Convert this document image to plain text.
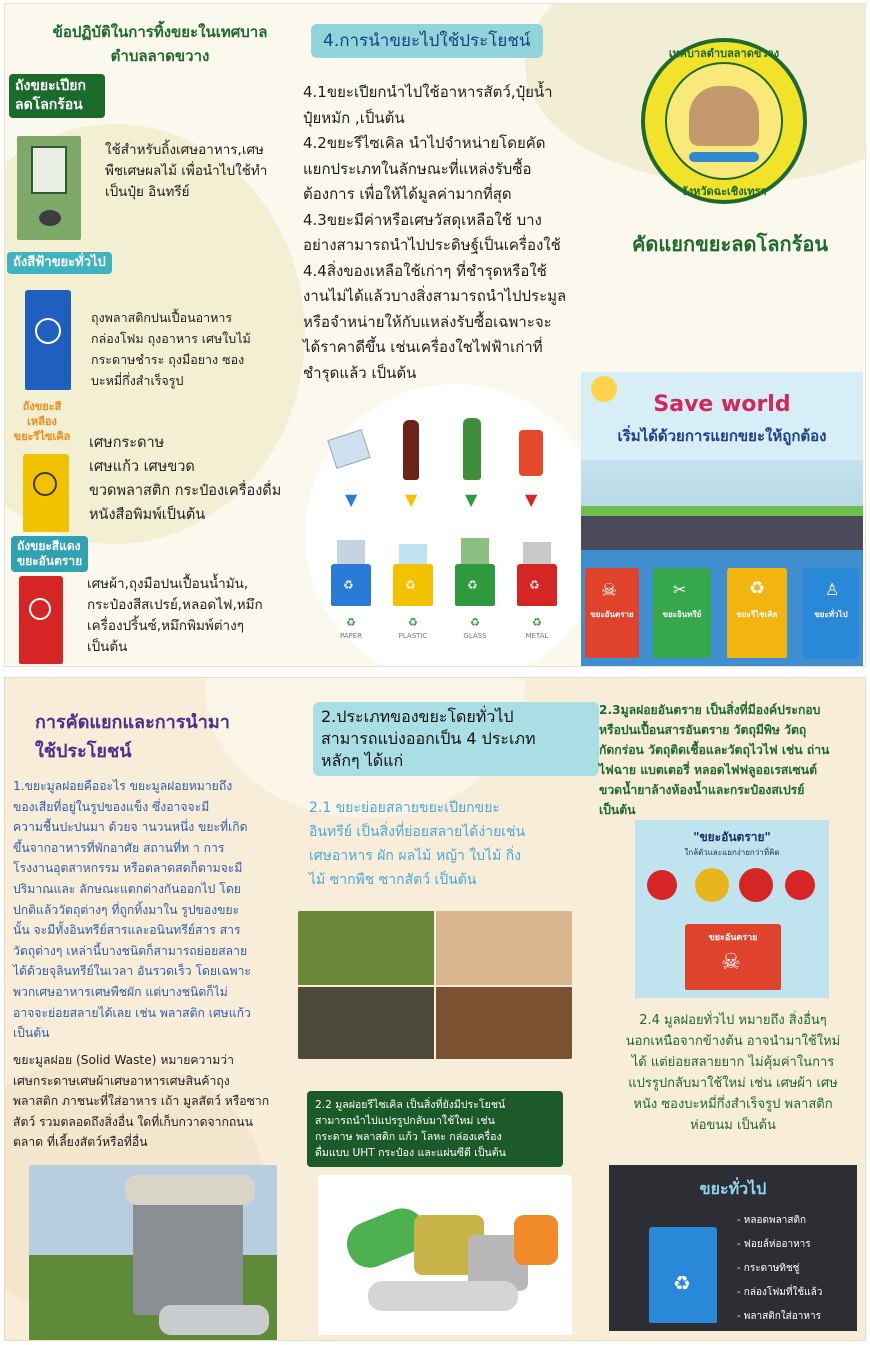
ข้อปฏิบัติในการทิ้งขยะในเทศบาล
ตำบลลาดขวาง
ถังขยะเปียก
ลดโลกร้อน
ใช้สำหรับถิ้งเศษอาหาร,เศษ
พืชเศษผลไม้ เพื่อนำไปใช้ทำ
เป็นปุ๋ย อินทรีย์
ถังสีฟ้าขยะทั่วไป
ถุงพลาสติกปนเปื้อนอาหาร
กล่องโฟม ถุงอาหาร เศษใบไม้
กระดาษชำระ ถุงมือยาง ซอง
บะหมี่กึ่งสำเร็จรูป
ถังขยะสี
เหลือง
ขยะรีไซเคิล	เศษกระดาษ
เศษแก้ว เศษขวด
ขวดพลาสติก กระป๋องเครื่องดื่ม
หนังสือพิมพ์เป็นต้น
ถังขยะสีแดง
ขยะอันตราย
เศษผ้า,ถุงมือปนเปื้อนน้ำมัน,
กระป๋องสีสเปรย์,หลอดไฟ,หมึก
เครื่องปริ้นซ์,หมึกพิมพ์ต่างๆ
เป็นต้น
4.การนำขยะไปใช้ประโยชน์
4.1ขยะเปียกนำไปใช้อาหารสัตว์,ปุ๋ยน้ำ
ปุ๋ยหมัก ,เป็นต้น
4.2ขยะรีไซเคิล นำไปจำหน่ายโดยคัด
แยกประเภทในลักษณะที่แหล่งรับซื้อ
ต้องการ เพื่อให้ได้มูลค่ามากที่สุด
4.3ขยะมีค่าหรือเศษวัสดุเหลือใช้ บาง
อย่างสามารถนำไปประดิษฐ์เป็นเครื่องใช้
4.4สิ่งของเหลือใช้เก่าๆ ที่ชำรุดหรือใช้
งานไม่ได้แล้วบางสิ่งสามารถนำไปประมูล
หรือจำหน่ายให้กับแหล่งรับซื้อเฉพาะจะ
ได้ราคาดีขึ้น เช่นเครื่องใชไฟฟ้าเก่าที่
ชำรุดแล้ว เป็นต้น
▼	▼	▼	▼
♻	♻	♻	♻
♻	♻	♻	♻
PAPER	PLASTIC	GLASS	METAL
เทศบาลตำบลลาดขวาง
จังหวัดฉะเชิงเทรา
คัดแยกขยะลดโลกร้อน
Save world
เริ่มได้ด้วยการแยกขยะให้ถูกต้อง
☠
ขยะอันตราย
✂
ขยะอินทรีย์
♻
ขยะรีไซเคิล
♙
ขยะทั่วไป
การคัดแยกและการนำมา
ใช้ประโยชน์
1.ขยะมูลฝอยคืออะไร ขยะมูลฝอยหมายถึง
ของเสียที่อยู่ในรูปของแข็ง ซึ่งอาจจะมี
ความชื้นปะปนมา ด้วยจ านวนหนึ่ง ขยะที่เกิด
ขึ้นจากอาหารที่พักอาศัย สถานที่ท า การ
โรงงานอุตสาหกรรม หรือตลาดสดก็ตามจะมี
ปริมาณและ ลักษณะแตกต่างกันออกไป โดย
ปกติแล้ววัตถุต่างๆ ที่ถูกทิ้งมาใน รูปของขยะ
นั้น จะมีทั้งอินทรีย์สารและอนินทรีย์สาร สาร
วัตถุต่างๆ เหล่านี้บางชนิดก็สามารถย่อยสลาย
ได้ด้วยจุลินทรีย์ในเวลา อันรวดเร็ว โดยเฉพาะ
พวกเศษอาหารเศษพืชผัก แต่บางชนิดก็ไม่
อาจจะย่อยสลายได้เลย เช่น พลาสติก เศษแก้ว
เป็นต้น
ขยะมูลฝอย (Solid Waste) หมายความว่า
เศษกระดาษเศษผ้าเศษอาหารเศษสินค้าถุง
พลาสติก ภาชนะที่ใส่อาหาร เถ้า มูลสัตว์ หรือซาก
สัตว์ รวมตลอดถึงสิ่งอื่น ใดที่เก็บกวาดจากถนน
ตลาด ที่เลี้ยงสัตว์หรือที่อื่น
2.ประเภทของขยะโดยทั่วไป
สามารถแบ่งออกเป็น 4 ประเภท
หลักๆ ได้แก่
2.1 ขยะย่อยสลายขยะเปียกขยะ
อินทรีย์ เป็นสิ่งที่ย่อยสลายได้ง่ายเช่น
เศษอาหาร ผัก ผลไม้ หญ้า ใบไม้ กิ่ง
ไม้ ซากพืช ซากสัตว์ เป็นต้น
2.2 มูลฝอยรีไซเคิล เป็นสิ่งที่ยังมีประโยชน์
สามารถนำไปแปรรูปกลับมาใช้ใหม่ เช่น
กระดาษ พลาสติก แก้ว โลหะ กล่องเครื่อง
ดื่มแบบ UHT กระป๋อง และแผ่นซีดี เป็นต้น
2.3มูลฝอยอันตราย เป็นสิ่งที่มีองค์ประกอบ
หรือปนเปื้อนสารอันตราย วัตถุมีพิษ วัตถุ
กัดกร่อน วัตถุติดเชื้อและวัตถุไวไฟ เช่น ถ่าน
ไฟฉาย แบตเตอรี่ หลอดไฟฟลูออเรสเซนต์
ขวดน้ำยาล้างห้องน้ำและกระป๋องสเปรย์
เป็นต้น
"ขยะอันตราย"
ใกล้ตัวและแยกง่ายกว่าที่คิด
ขยะอันตราย
☠
2.4 มูลฝอยทั่วไป หมายถึง สิ่งอื่นๆ
นอกเหนือจากข้างต้น อาจนำมาใช้ใหม่
ได้ แต่ย่อยสลายยาก ไม่คุ้มค่าในการ
แปรรูปกลับมาใช้ใหม่ เช่น เศษผ้า เศษ
หนัง ซองบะหมี่กึ่งสำเร็จรูป พลาสติก
ห่อขนม เป็นต้น
ขยะทั่วไป
♻
- หลอดพลาสติก
- ฟอยล์ห่ออาหาร
- กระดาษทิชชู่
- กล่องโฟมที่ใช้แล้ว
- พลาสติกใส่อาหาร
